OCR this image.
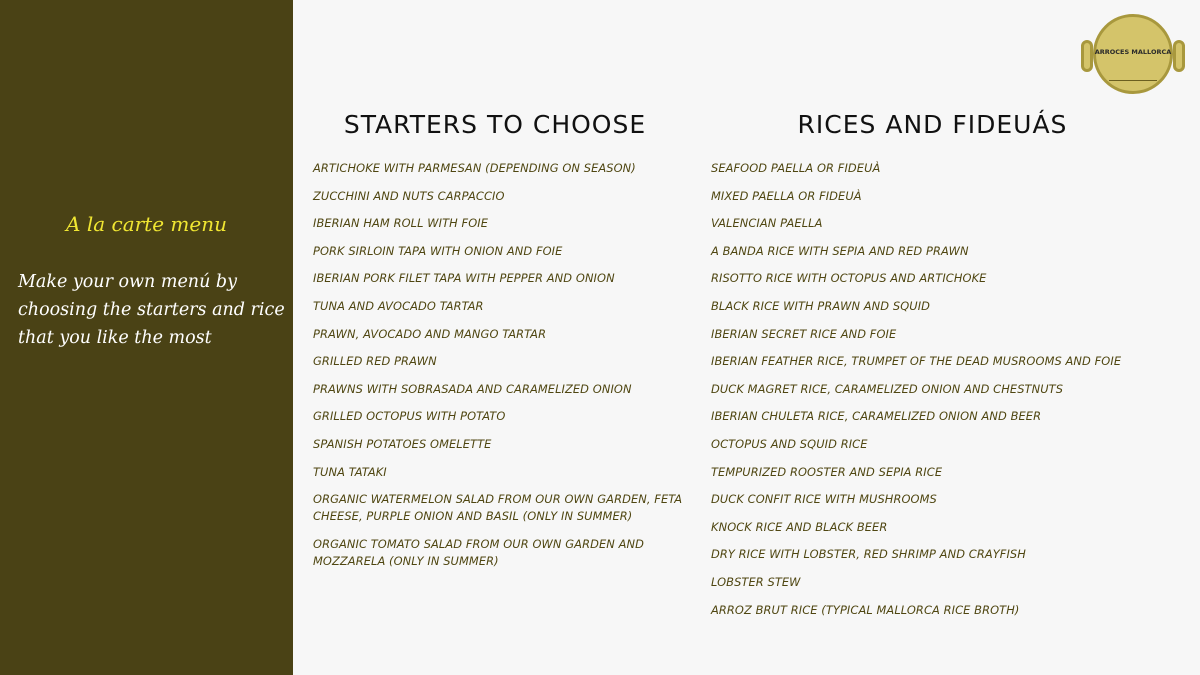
A la carte menu
Make your own menú by choosing the starters and rice that you like the most
ARROCES MALLORCA
STARTERS TO CHOOSE	RICES AND FIDEUÁS
ARTICHOKE WITH PARMESAN (DEPENDING ON SEASON)
ZUCCHINI AND NUTS CARPACCIO
IBERIAN HAM ROLL WITH FOIE
PORK SIRLOIN TAPA WITH ONION AND FOIE
IBERIAN PORK FILET TAPA WITH PEPPER AND ONION
TUNA AND AVOCADO TARTAR
PRAWN, AVOCADO AND MANGO TARTAR
GRILLED RED PRAWN
PRAWNS WITH SOBRASADA AND CARAMELIZED ONION
GRILLED OCTOPUS WITH POTATO
SPANISH POTATOES OMELETTE
TUNA TATAKI
ORGANIC WATERMELON SALAD FROM OUR OWN GARDEN, FETA CHEESE, PURPLE ONION AND BASIL (ONLY IN SUMMER)
ORGANIC TOMATO SALAD FROM OUR OWN GARDEN AND MOZZARELA (ONLY IN SUMMER)
SEAFOOD PAELLA OR FIDEUÀ
MIXED PAELLA OR FIDEUÀ
VALENCIAN PAELLA
A BANDA RICE WITH SEPIA AND RED PRAWN
RISOTTO RICE WITH OCTOPUS AND ARTICHOKE
BLACK RICE WITH PRAWN AND SQUID
IBERIAN SECRET RICE AND FOIE
IBERIAN FEATHER RICE, TRUMPET OF THE DEAD MUSROOMS AND FOIE
DUCK MAGRET RICE, CARAMELIZED ONION AND CHESTNUTS
IBERIAN CHULETA RICE, CARAMELIZED ONION AND BEER
OCTOPUS AND SQUID RICE
TEMPURIZED ROOSTER AND SEPIA RICE
DUCK CONFIT RICE WITH MUSHROOMS
KNOCK RICE AND BLACK BEER
DRY RICE WITH LOBSTER, RED SHRIMP AND CRAYFISH
LOBSTER STEW
ARROZ BRUT RICE (TYPICAL MALLORCA RICE BROTH)
